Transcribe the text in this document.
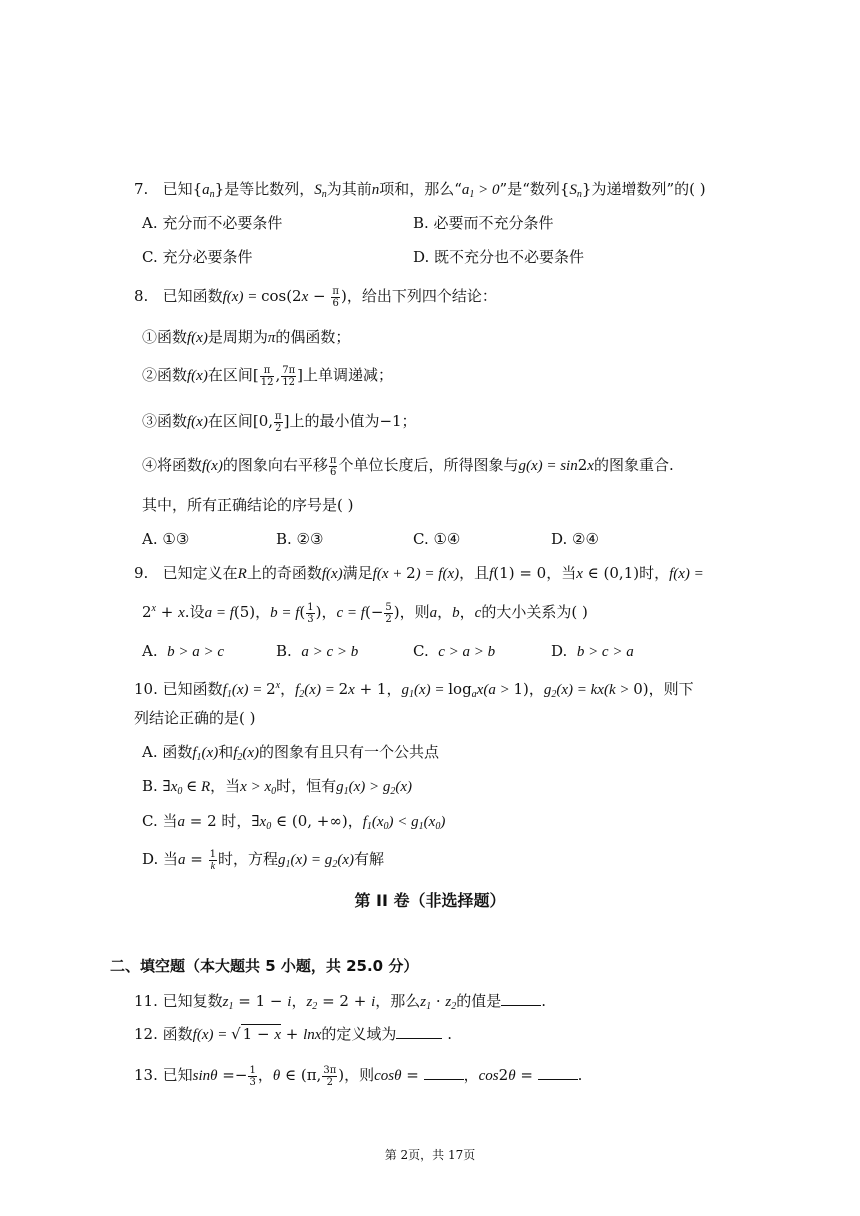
7. 已知$\{a_n\}$是等比数列，$S_n$为其前n项和，那么“$a_1 > 0$”是“数列$\{S_n\}$为递增数列”的( )
A. 充分而不必要条件	B. 必要而不充分条件
C. 充分必要条件	D. 既不充分也不必要条件
8. 已知函数$f(x) = \cos(2x - \frac{\pi}{6}$ )，给出下列四个结论：
①函数f(x)是周期为π的偶函数；
②函数f(x)在区间[ $\frac{\pi}{12}$ , $\frac{7\pi}{12}$ ]上单调递减；
③函数f(x)在区间[0, $\frac{\pi}{2}$ ]上的最小值为−1；
④将函数f(x)的图象向右平移 $\frac{\pi}{6}$ 个单位长度后，所得图象与g(x) = sin2x的图象重合.
其中，所有正确结论的序号是( )
A. ①③	B. ②③	C. ①④	D. ②④
9. 已知定义在R上的奇函数f(x)满足f(x + 2) = f(x)，且f(1) = 0，当x ∈ (0,1)时，f(x) =
$2^x + x$.设a = f(5)，$b = f( \frac{1}{3}$ )，$c = f(- \frac{5}{2}$ )，则a，b，c的大小关系为( )
A. b > a > c	B. a > c > b	C. c > a > b	D. b > c > a
10. 已知函数$f_1(x) = 2^x$，$f_2(x) = 2x + 1$，$g_1(x) = \log_ax(a > 1)$，$g_2(x) = kx(k > 0)$，则下
列结论正确的是( )
A. 函数$f_1(x)$和$f_2(x)$的图象有且只有一个公共点
B. $\exists x_0$ ∈ R，当$x > x_0$时，恒有$g_1(x) > g_2(x)$
C. 当a = 2 时，$\exists x_0$ ∈ (0, +∞)，$f_1(x_0) < g_1(x_0)$
D. 当$a = \frac{1}{k}$ 时，方程$g_1(x) = g_2(x)$有解
第 II 卷（非选择题）
二、填空题（本大题共 5 小题，共 25.0 分）
11. 已知复数$z_1 = 1 - i$，$z_2 = 2 + i$，那么$z_1 \cdot z_2$的值是	.
12. 函数f(x) = √ 1 − x + lnx的定义域为	.
13. 已知$\sin\theta =- \frac{1}{3}$ ，θ ∈ (π, $\frac{3\pi}{2}$ )，则cosθ =	，cos2θ =	.
第 2页，共 17页
